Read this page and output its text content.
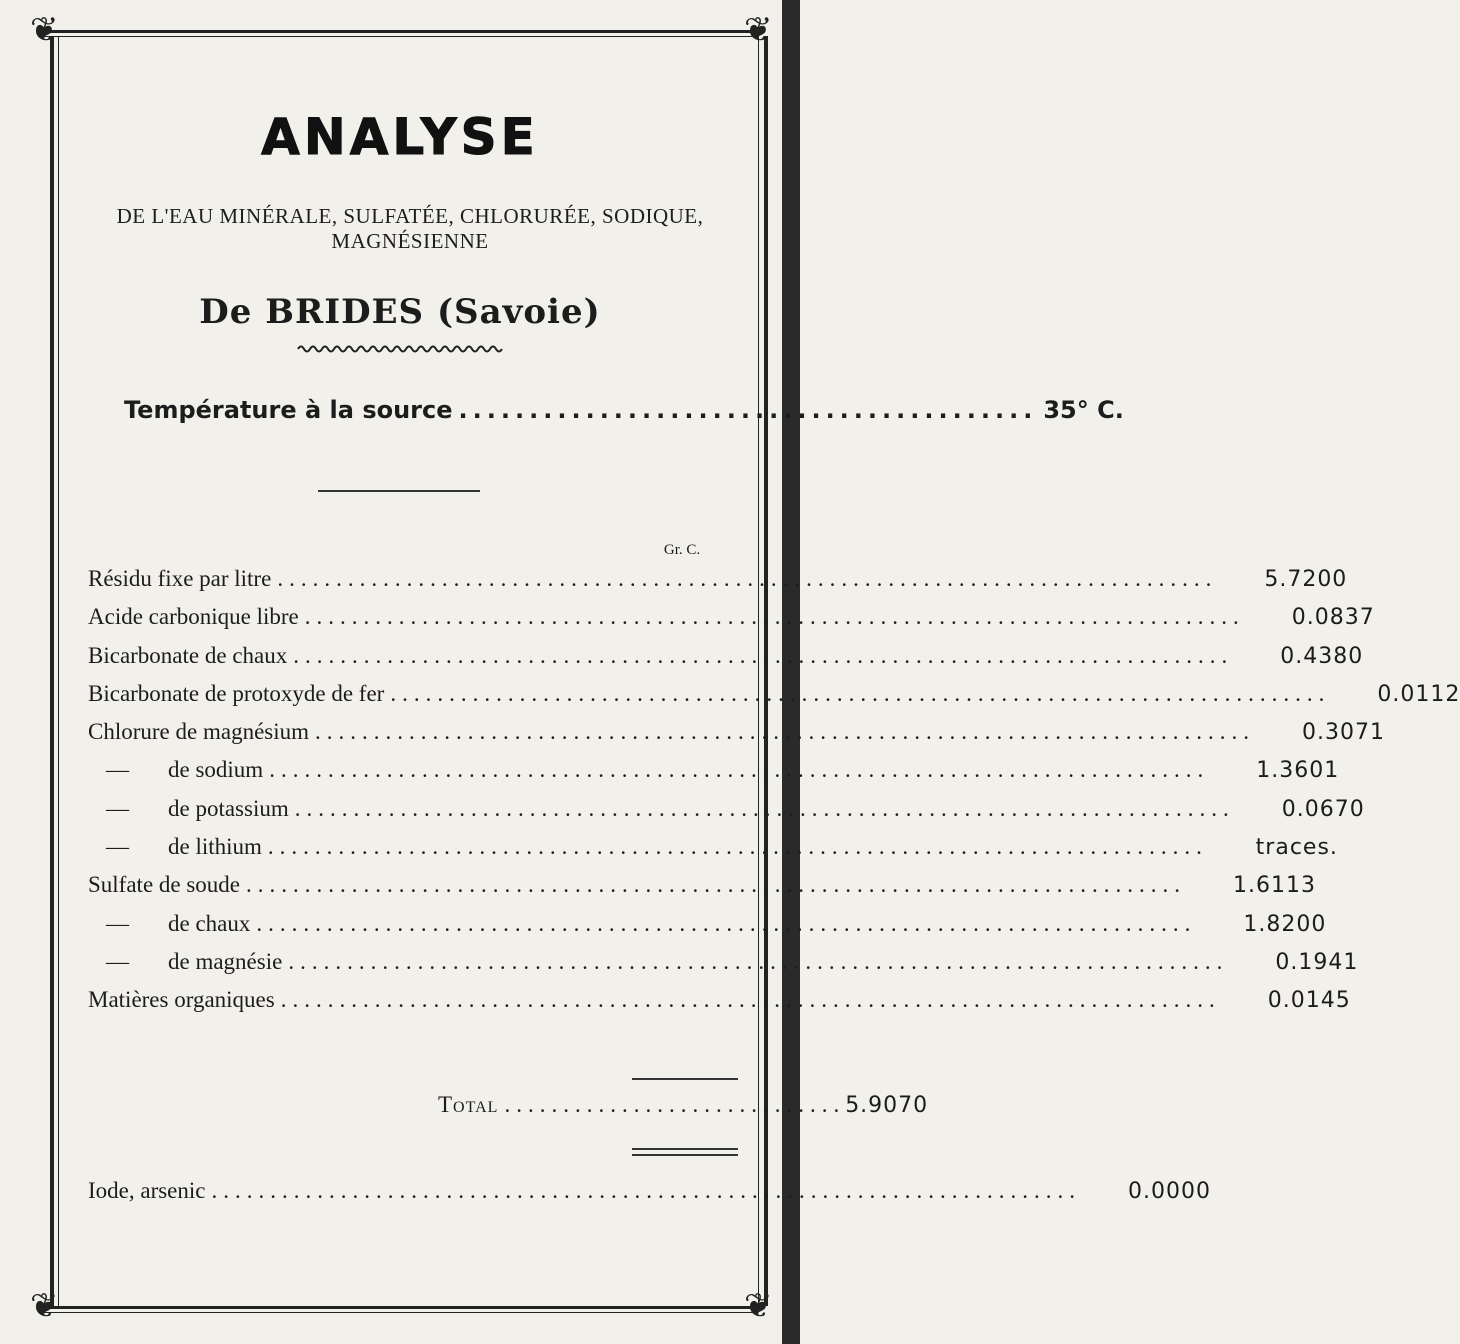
❦	❦
❦	❦
ANALYSE
DE L'EAU MINÉRALE, SULFATÉE, CHLORURÉE, SODIQUE, MAGNÉSIENNE
De BRIDES (Savoie)
Température à la source ......................................... 35° C.
Gr. C.
Résidu fixe par litre ................................................................................	5.7200
Acide carbonique libre ................................................................................	0.0837
Bicarbonate de chaux ................................................................................	0.4380
Bicarbonate de protoxyde de fer ................................................................................	0.0112
Chlorure de magnésium ................................................................................	0.3071
— de sodium ................................................................................	1.3601
— de potassium ................................................................................	0.0670
— de lithium ................................................................................	traces.
Sulfate de soude ................................................................................	1.6113
— de chaux ................................................................................	1.8200
— de magnésie ................................................................................	0.1941
Matières organiques ................................................................................	0.0145
Total ............................. 5.9070
Iode, arsenic ..........................................................................	0.0000
